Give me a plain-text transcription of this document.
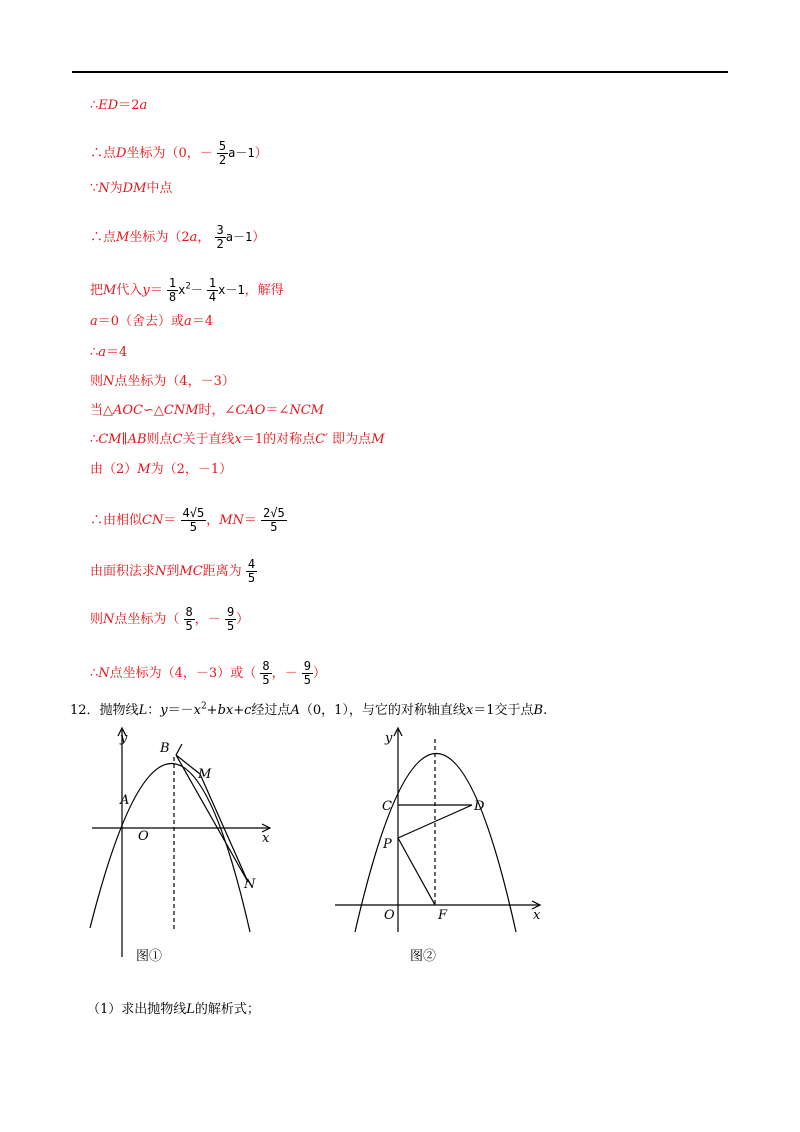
∴ED＝2a
∴点D坐标为（0，－ $\frac{5}{2} a-1$）
∵N为DM中点
∴点M坐标为（2a， $\frac{3}{2} a-1$）
把M代入$y= \frac{1}{8} x^2- \frac{1}{4} x-1$，解得
a＝0（舍去）或a＝4
∴a＝4
则N点坐标为（4，－3）
当△AOC∽△CNM时，∠CAO＝∠NCM
∴CM∥AB则点C关于直线x＝1的对称点C′ 即为点M
由（2）M为（2，－1）
∴由相似$CN= \frac{4√5}{5}$ ，$MN= \frac{2√5}{5}$
由面积法求N到MC距离为 $\frac{4}{5}$
则N点坐标为（ $\frac{8}{5}$ ，－ $\frac{9}{5}$ ）
∴N点坐标为（4，－3）或（ $\frac{8}{5}$ ，－ $\frac{9}{5}$ ）
12．抛物线L：$y=-x^2+bx+c$经过点A（0，1），与它的对称轴直线x＝1交于点B.
y
x
O
A
B
M
N
图①
y
x
O
C	D
P
F
图②
（1）求出抛物线L的解析式；
